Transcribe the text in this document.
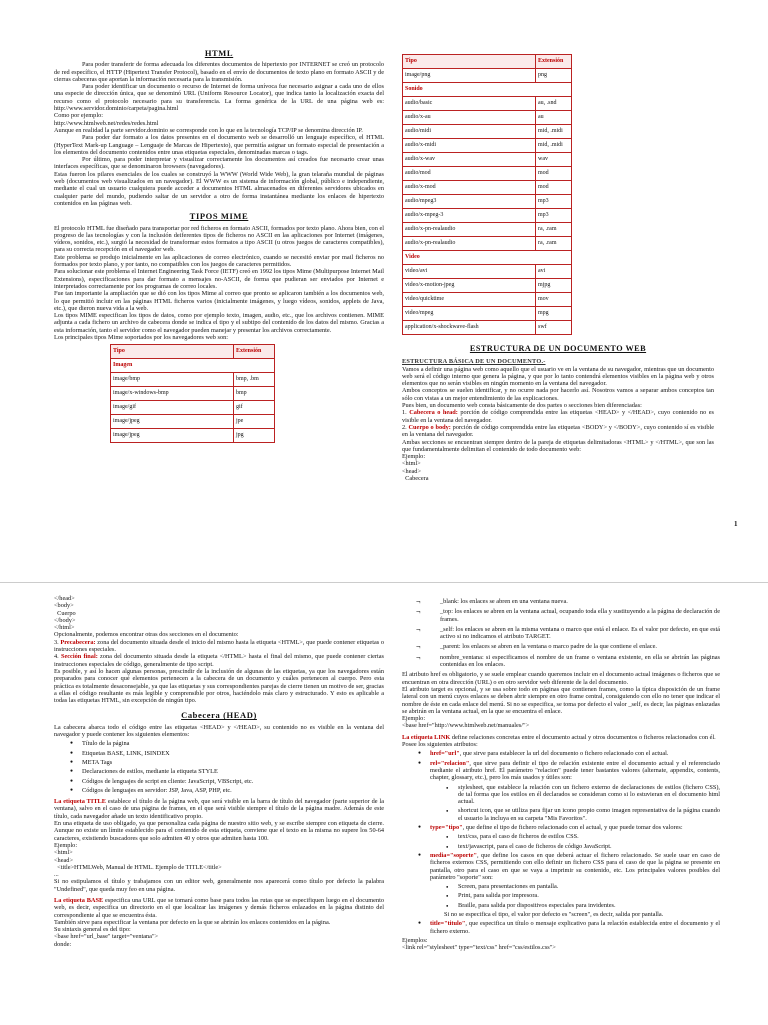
HTML

Para poder transferir de forma adecuada los diferentes documentos de hipertexto por INTERNET se creó un protocolo de red específico, el HTTP (Hipertext Transfer Protocol), basado en el envío de documentos de texto plano en formato ASCII y de cierras cabeceras que aportan la información necesaria para la transmisión.

Para poder identificar un documento o recurso de Internet de forma unívoca fue necesario asignar a cada uno de ellos una especie de dirección única, que se denominó URL (Uniform Resource Locator), que indica tanto la localización exacta del recurso como el protocolo necesario para su transferencia. La forma genérica de la URL de una página web es: http://www.servidor.dominio/carpeta/pagina.html

Como por ejemplo:

http://www.htmlweb.net/redes/redes.html

Aunque en realidad la parte servidor.dominio se corresponde con lo que en la tecnología TCP/IP se denomina dirección IP.

Para poder dar formato a los datos presentes en el documento web se desarrolló un lenguaje específico, el HTML (HyperText Mark-up Language – Lenguaje de Marcas de Hipertexto), que permitía asignar un formato especial de presentación a los elementos del documento contenidos entre unas etiquetas especiales, denominadas marcas o tags.

Por último, para poder interpretar y visualizar correctamente los documentos así creados fue necesario crear unas interfaces específicas, que se denominaron browsers (navegadores).

Estas fueron los pilares esenciales de los cuales se construyó la WWW (World Wide Web), la gran telaraña mundial de páginas web (documentos web visualizados en un navegador). El WWW es un sistema de información global, público e independiente, mediante el cual un usuario cualquiera puede acceder a documentos HTML almacenados en diferentes servidores ubicados en cualquier parte del mundo, pudiendo saltar de un servidor a otro de forma instantánea mediante los enlaces de hipertexto contenidos en las páginas web.

TIPOS MIME

El protocolo HTML fue diseñado para transportar por red ficheros en formato ASCII, formados por texto plano. Ahora bien, con el progreso de las tecnologías y con la inclusión deiferentes tipos de ficheros no ASCII en las aplicaciones por Internet (imágenes, vídeos, sonidos, etc.), surgió la necesidad de transformar estos formatos a tipo ASCII (u otros juegos de caracteres compatibles), para su correcta recepción en el navegador web.

Este problema se produjo inicialmente en las aplicaciones de correo electrónico, cuando se necesitó enviar por mail ficheros no formados por texto plano, y por tanto, no compatibles con los juegos de caracteres permitidos.

Para solucionar este problema el Internet Engineering Task Force (IETF) creó en 1992 los tipos Mime (Multipurpose Internet Mail Extensions), especificaciones para dar formato a mensajes no-ASCII, de forma que pudieran ser enviados por Internet e interpretados correctamente por los programas de correo locales.

Fue tan importante la ampliación que se dió con los tipos Mime al correo que pronto se aplicaron también a los documentos web, lo que permitió incluir en las páginas HTML ficheros varios (inicialmente imágenes, y luego vídeos, sonidos, applets de Java, etc.), que dieron nueva vida a la web.

Los tipos MIME especifican los tipos de datos, como por ejemplo texto, imagen, audio, etc., que los archivos contienen. MIME adjunta a cada fichero un archivo de cabecera donde se indica el tipo y el subtipo del contenido de los datos del mismo. Gracias a esta información, tanto el servidor como el navegador pueden manejar y presentar los archivos correctamente.

Los principales tipos Mime soportados por los navegadores web son:

Tipo	Extensión
Imagen	
image/bmp	bmp, .bm
image/x-windows-bmp	bmp
image/gif	gif
image/jpeg	jpe
image/jpeg	jpg
Tipo	Extensión
image/png	png
Sonido	
audio/basic	au, .snd
audio/x-au	au
audio/midi	mid, .midi
audio/x-midi	mid, .midi
audio/x-wav	wav
audio/mod	mod
audio/x-mod	mod
audio/mpeg3	mp3
audio/x-mpeg-3	mp3
audio/x-pn-realaudio	ra, .ram
audio/x-pn-realaudio	ra, .ram
Video	
video/avi	avi
video/x-motion-jpeg	mjpg
video/quicktime	mov
video/mpeg	mpg
application/x-shockwave-flash	swf
ESTRUCTURA DE UN DOCUMENTO WEB

ESTRUCTURA BÁSICA DE UN DOCUMENTO.-

Vamos a definir una página web como aquello que el usuario ve en la ventana de su navegador, mientras que un documento web será el código interno que genera la página, y que por lo tanto contendrá elementos visibles en la página web y otros elementos que no serán visibles en ningún momento en la ventana del navegador.

Ambos conceptos se suelen identificar, y no ocurre nada por hacerlo así. Nosotros vamos a separar ambos conceptos tan sólo con vistas a un mejor entendimiento de las explicaciones.

Pues bien, un documento web consta básicamente de dos partes o secciones bien diferenciadas:

1. Cabecera o head: porción de código comprendida entre las etiquetas <HEAD> y </HEAD>, cuyo contenido no es visible en la ventana del navegador.

2. Cuerpo o body: porción de código comprendida entre las etiquetas <BODY> y </BODY>, cuyo contenido sí es visible en la ventana del navegador.

Ambas secciones se encuentran siempre dentro de la pareja de etiquetas delimitadoras <HTML> y </HTML>, que son las que fundamentalmente delimitan el contenido de todo documento web:

Ejemplo:

<html>

<head>

Cabecera

1

</head>

<body>

Cuerpo

</body>

</html>

Opcionalmente, podemos encontrar otras dos secciones en el documento:

3. Precabecera: zona del documento situada desde el inicio del mismo hasta la etiqueta <HTML>, que puede contener etiquetas o instrucciones especiales.

4. Sección final: zona del documento situada desde la etiqueta </HTML> hasta el final del mismo, que puede contener ciertas instrucciones especiales de código, generalmente de tipo script.

Es posible, y así lo hacen algunas personas, prescindir de la inclusión de algunas de las etiquetas, ya que los navegadores están preparados para conocer qué elementos pertenecen a la cabecera de un documento y cuáles pertenecen al cuerpo. Pero esta práctica es totalmente desaconsejable, ya que las etiquetas y sus correspondientes parejas de cierre tienen un motivo de ser, gracias a ellas el código resultante es más legible y comprensible por otros, haciéndolo más claro y estructurado. Y esto es aplicable a todas las etiquetas HTML, sin excepción de ningún tipo.

Cabecera (HEAD)

La cabecera abarca todo el código entre las etiquetas <HEAD> y </HEAD>, su contenido no es visible en la ventana del navegador y puede contener los siguientes elementos:

● Título de la página
● Etiquetas BASE, LINK, ISINDEX
● META Tags
● Declaraciones de estilos, mediante la etiqueta STYLE
● Códigos de lenguajes de script en cliente: JavaScript, VBScript, etc.
● Códigos de lenguajes en servidor: JSP, Java, ASP, PHP, etc.

La etiqueta TITLE establece el título de la página web, que será visible en la barra de título del navegador (parte superior de la ventana), salvo en el caso de una página de frames, en el que será visible siempre el título de la página madre. Además de este título, cada navegador añade un texto identificativo propio.

En una etiqueta de uso obligado, ya que personaliza cada página de nuestro sitio web, y se escribe siempre con etiqueta de cierre. Aunque no existe un límite establecido para el contenido de esta etiqueta, conviene que el texto en la misma no supere los 50-64 caracteres, existiendo buscadores que solo admiten 40 y otros que admiten hasta 100.

Ejemplo:

<html>

<head>

<title>HTMLWeb, Manual de HTML. Ejemplo de TITLE</title>

...

Si no estipulamos el título y trabajamos con un editor web, generalmente nos aparecerá como título por defecto la palabra "Undefined", que queda muy feo en una página.

La etiqueta BASE especifica una URL que se tomará como base para todos las rutas que se especifiquen luego en el documento web, es decir, especifica un directorio en el que localizar las imágenes y demás ficheros enlazados en la página distinto del correspondiente al que se encuentra ésta.

También sirve para especificar la ventana por defecto en la que se abrirán los enlaces contenidos en la página.

Su sintaxis general es del tipo:

<base href="url_base" target="ventana">

donde:

¬ _blank: los enlaces se abren en una ventana nueva.
¬ _top: los enlaces se abren en la ventana actual, ocupando toda ella y sustituyendo a la página de declaración de frames.
¬ _self: los enlaces se abren en la misma ventana o marco que está el enlace. Es el valor por defecto, en que está activo si no indicamos el atributo TARGET.
¬ _parent: los enlaces se abren en la ventana o marco padre de la que contiene el enlace.
¬ nombre_ventana: si especificamos el nombre de un frame o ventana existente, en ella se abrirán las páginas contenidas en los enlaces.

El atributo href es obligatorio, y se suele emplear cuando queremos incluir en el documento actual imágenes o ficheros que se encuentran en otra dirección (URL) o en otro servidor web diferente de la del documento.

El atributo target es opcional, y se usa sobre todo en páginas que contienen frames, como la típica disposición de un frame lateral con un menú cuyos enlaces se deben abrir siempre en otro frame central, consiguiendo con ello no tener que indicar el nombre de éste en cada enlace del menú. Si no se especifica, se toma por defecto el valor _self, es decir, las páginas enlazadas se abrirán en la ventana actual, en la que se encuentra el enlace.

Ejemplo:

<base href="http://www.htmlweb.net/manuales/">

La etiqueta LINK define relaciones concretas entre el documento actual y otros documentos o ficheros relacionados con él.

Posee los siguientes atributos:

● href="url", que sirve para establecer la url del documento o fichero relacionado con el actual.
● rel="relacion", que sirve para definir el tipo de relación existente entre el documento actual y el referenciado mediante el atributo href. El parámetro "relacion" puede tener bastantes valores (alternate, appendix, contents, chapter, glossary, etc.), pero los más usados y útiles son:
● stylesheet, que establece la relación con un fichero externo de declaraciones de estilos (fichero CSS), de tal forma que los estilos en él declarados se consideran como si lo estuvieran en el documento html actual.
● shortcut icon, que se utiliza para fijar un icono propio como imagen representativa de la página cuando el usuario la incluya en su carpeta "Mis Favoritos".
● type="tipo", que define el tipo de fichero relacionado con el actual, y que puede tomar dos valores:
● text/css, para el caso de ficheros de estilos CSS.
● text/javascript, para el caso de ficheros de código JavaScript.
● media="soporte", que define los casos en que deberá actuar el fichero relacionado. Se suele usar en caso de ficheros externos CSS, permitiendo con ello definir un fichero CSS para el caso de que la página se presente en pantalla, otro para el caso en que se vaya a imprimir su contenido, etc. Los principales valores posibles del parámetro "soporte" son:
● Screen, para presentaciones en pantalla.
● Print, para salida por impresora.
● Braille, para salida por dispositivos especiales para invidentes.

Si no se especifica el tipo, el valor por defecto es "screen", es decir, salida por pantalla.

● title="titulo", que especifica un título o mensaje explicativo para la relación establecida entre el documento y el fichero externo.

Ejemplos:

<link rel="stylesheet" type="text/css" href="css/estilos.css">
